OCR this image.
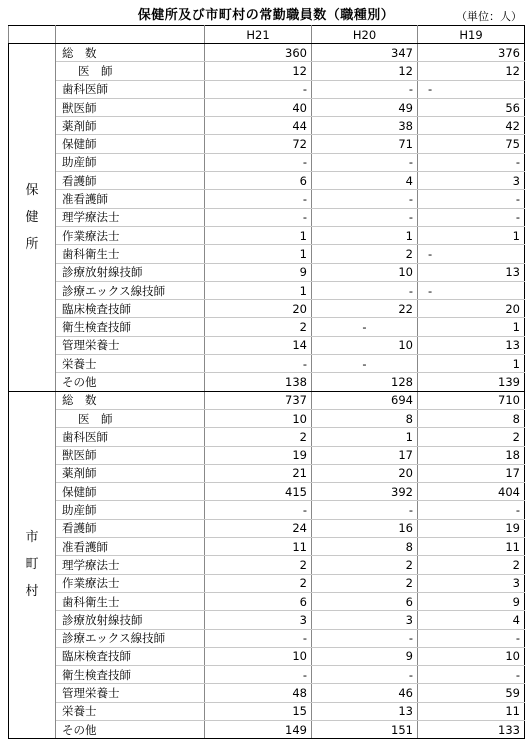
保健所及び市町村の常勤職員数（職種別）	（単位：人）
		H21	H20	H19

保
健
所	総　数	360	347	376
	医　師	12	12	12
	歯科医師	-	-	-
	獣医師	40	49	56
	薬剤師	44	38	42
	保健師	72	71	75
	助産師	-	-	-
	看護師	6	4	3
	准看護師	-	-	-
	理学療法士	-	-	-
	作業療法士	1	1	1
	歯科衛生士	1	2	-
	診療放射線技師	9	10	13
	診療エックス線技師	1	-	-
	臨床検査技師	20	22	20
	衛生検査技師	2	-	1
	管理栄養士	14	10	13
	栄養士	-	-	1
	その他	138	128	139

市
町
村	総　数	737	694	710
	医　師	10	8	8
	歯科医師	2	1	2
	獣医師	19	17	18
	薬剤師	21	20	17
	保健師	415	392	404
	助産師	-	-	-
	看護師	24	16	19
	准看護師	11	8	11
	理学療法士	2	2	2
	作業療法士	2	2	3
	歯科衛生士	6	6	9
	診療放射線技師	3	3	4
	診療エックス線技師	-	-	-
	臨床検査技師	10	9	10
	衛生検査技師	-	-	-
	管理栄養士	48	46	59
	栄養士	15	13	11
	その他	149	151	133
